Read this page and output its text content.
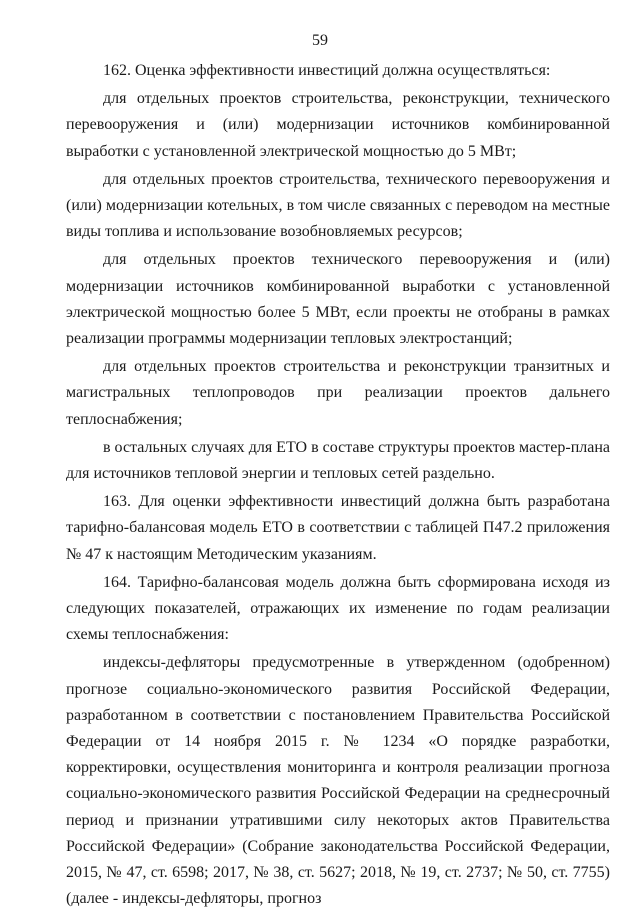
59

162. Оценка эффективности инвестиций должна осуществляться:

для отдельных проектов строительства, реконструкции, технического перевооружения и (или) модернизации источников комбинированной выработки с установленной электрической мощностью до 5 МВт;

для отдельных проектов строительства, технического перевооружения и (или) модернизации котельных, в том числе связанных с переводом на местные виды топлива и использование возобновляемых ресурсов;

для отдельных проектов технического перевооружения и (или) модернизации источников комбинированной выработки с установленной электрической мощностью более 5 МВт, если проекты не отобраны в рамках реализации программы модернизации тепловых электростанций;

для отдельных проектов строительства и реконструкции транзитных и магистральных теплопроводов при реализации проектов дальнего теплоснабжения;

в остальных случаях для ЕТО в составе структуры проектов мастер-плана для источников тепловой энергии и тепловых сетей раздельно.

163. Для оценки эффективности инвестиций должна быть разработана тарифно-балансовая модель ЕТО в соответствии с таблицей П47.2 приложения № 47 к настоящим Методическим указаниям.

164. Тарифно-балансовая модель должна быть сформирована исходя из следующих показателей, отражающих их изменение по годам реализации схемы теплоснабжения:

индексы-дефляторы предусмотренные в утвержденном (одобренном) прогнозе социально-экономического развития Российской Федерации, разработанном в соответствии с постановлением Правительства Российской Федерации от 14 ноября 2015 г. № 1234 «О порядке разработки, корректировки, осуществления мониторинга и контроля реализации прогноза социально-экономического развития Российской Федерации на среднесрочный период и признании утратившими силу некоторых актов Правительства Российской Федерации» (Собрание законодательства Российской Федерации, 2015, № 47, ст. 6598; 2017, № 38, ст. 5627; 2018, № 19, ст. 2737; № 50, ст. 7755) (далее - индексы-дефляторы, прогноз
